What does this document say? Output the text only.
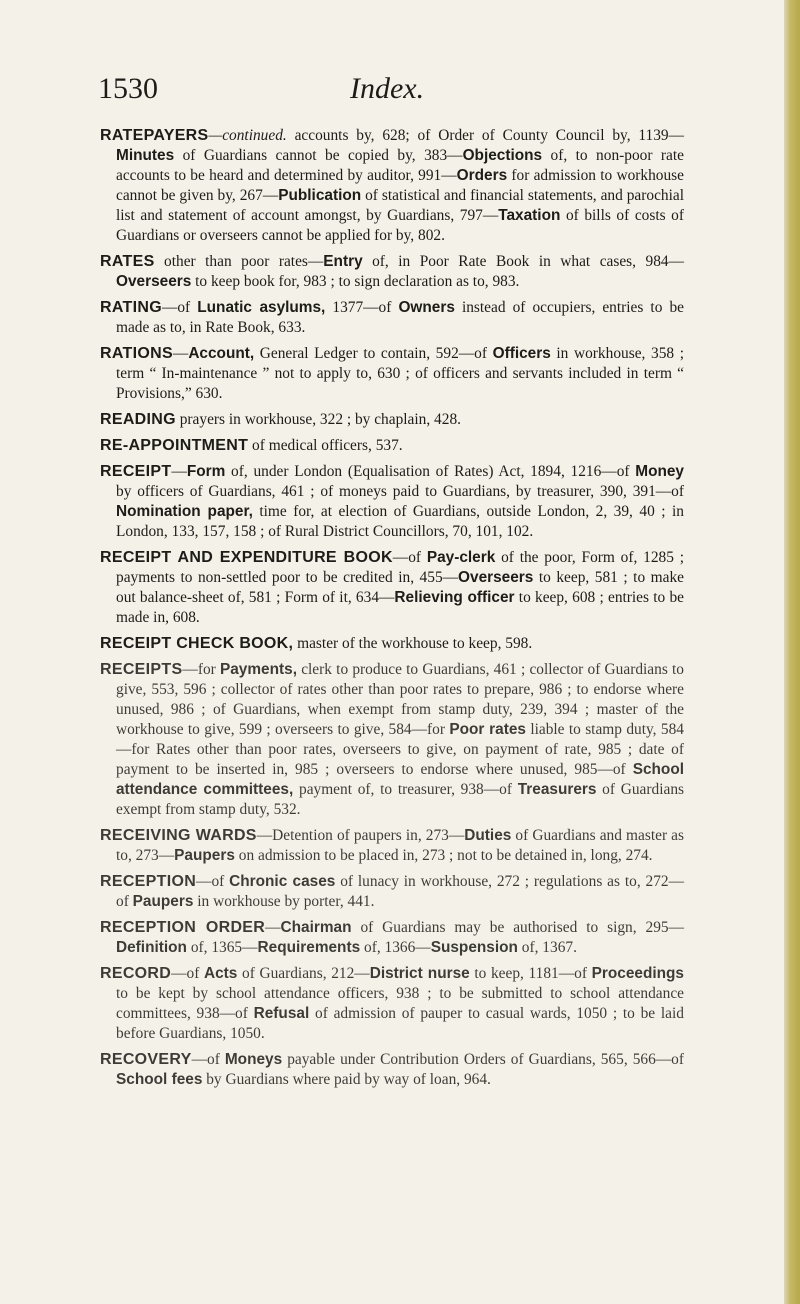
1530	Index.

RATEPAYERS—continued. accounts by, 628; of Order of County Council by, 1139—Minutes of Guardians cannot be copied by, 383—Objections of, to non-poor rate accounts to be heard and determined by auditor, 991—Orders for admission to workhouse cannot be given by, 267—Publication of statistical and financial statements, and parochial list and statement of account amongst, by Guardians, 797—Taxation of bills of costs of Guardians or overseers cannot be applied for by, 802.

RATES other than poor rates—Entry of, in Poor Rate Book in what cases, 984—Overseers to keep book for, 983 ; to sign declaration as to, 983.

RATING—of Lunatic asylums, 1377—of Owners instead of occupiers, entries to be made as to, in Rate Book, 633.

RATIONS—Account, General Ledger to contain, 592—of Officers in workhouse, 358 ; term “ In-maintenance ” not to apply to, 630 ; of officers and servants included in term “ Provisions,” 630.

READING prayers in workhouse, 322 ; by chaplain, 428.

RE-APPOINTMENT of medical officers, 537.

RECEIPT—Form of, under London (Equalisation of Rates) Act, 1894, 1216—of Money by officers of Guardians, 461 ; of moneys paid to Guardians, by treasurer, 390, 391—of Nomination paper, time for, at election of Guardians, outside London, 2, 39, 40 ; in London, 133, 157, 158 ; of Rural District Councillors, 70, 101, 102.

RECEIPT AND EXPENDITURE BOOK—of Pay-clerk of the poor, Form of, 1285 ; payments to non-settled poor to be credited in, 455—Overseers to keep, 581 ; to make out balance-sheet of, 581 ; Form of it, 634—Relieving officer to keep, 608 ; entries to be made in, 608.

RECEIPT CHECK BOOK, master of the workhouse to keep, 598.

RECEIPTS—for Payments, clerk to produce to Guardians, 461 ; collector of Guardians to give, 553, 596 ; collector of rates other than poor rates to prepare, 986 ; to endorse where unused, 986 ; of Guardians, when exempt from stamp duty, 239, 394 ; master of the workhouse to give, 599 ; overseers to give, 584—for Poor rates liable to stamp duty, 584—for Rates other than poor rates, overseers to give, on payment of rate, 985 ; date of payment to be inserted in, 985 ; overseers to endorse where unused, 985—of School attendance committees, payment of, to treasurer, 938—of Treasurers of Guardians exempt from stamp duty, 532.

RECEIVING WARDS—Detention of paupers in, 273—Duties of Guardians and master as to, 273—Paupers on admission to be placed in, 273 ; not to be detained in, long, 274.

RECEPTION—of Chronic cases of lunacy in workhouse, 272 ; regulations as to, 272—of Paupers in workhouse by porter, 441.

RECEPTION ORDER—Chairman of Guardians may be authorised to sign, 295—Definition of, 1365—Requirements of, 1366—Suspension of, 1367.

RECORD—of Acts of Guardians, 212—District nurse to keep, 1181—of Proceedings to be kept by school attendance officers, 938 ; to be submitted to school attendance committees, 938—of Refusal of admission of pauper to casual wards, 1050 ; to be laid before Guardians, 1050.

RECOVERY—of Moneys payable under Contribution Orders of Guardians, 565, 566—of School fees by Guardians where paid by way of loan, 964.
